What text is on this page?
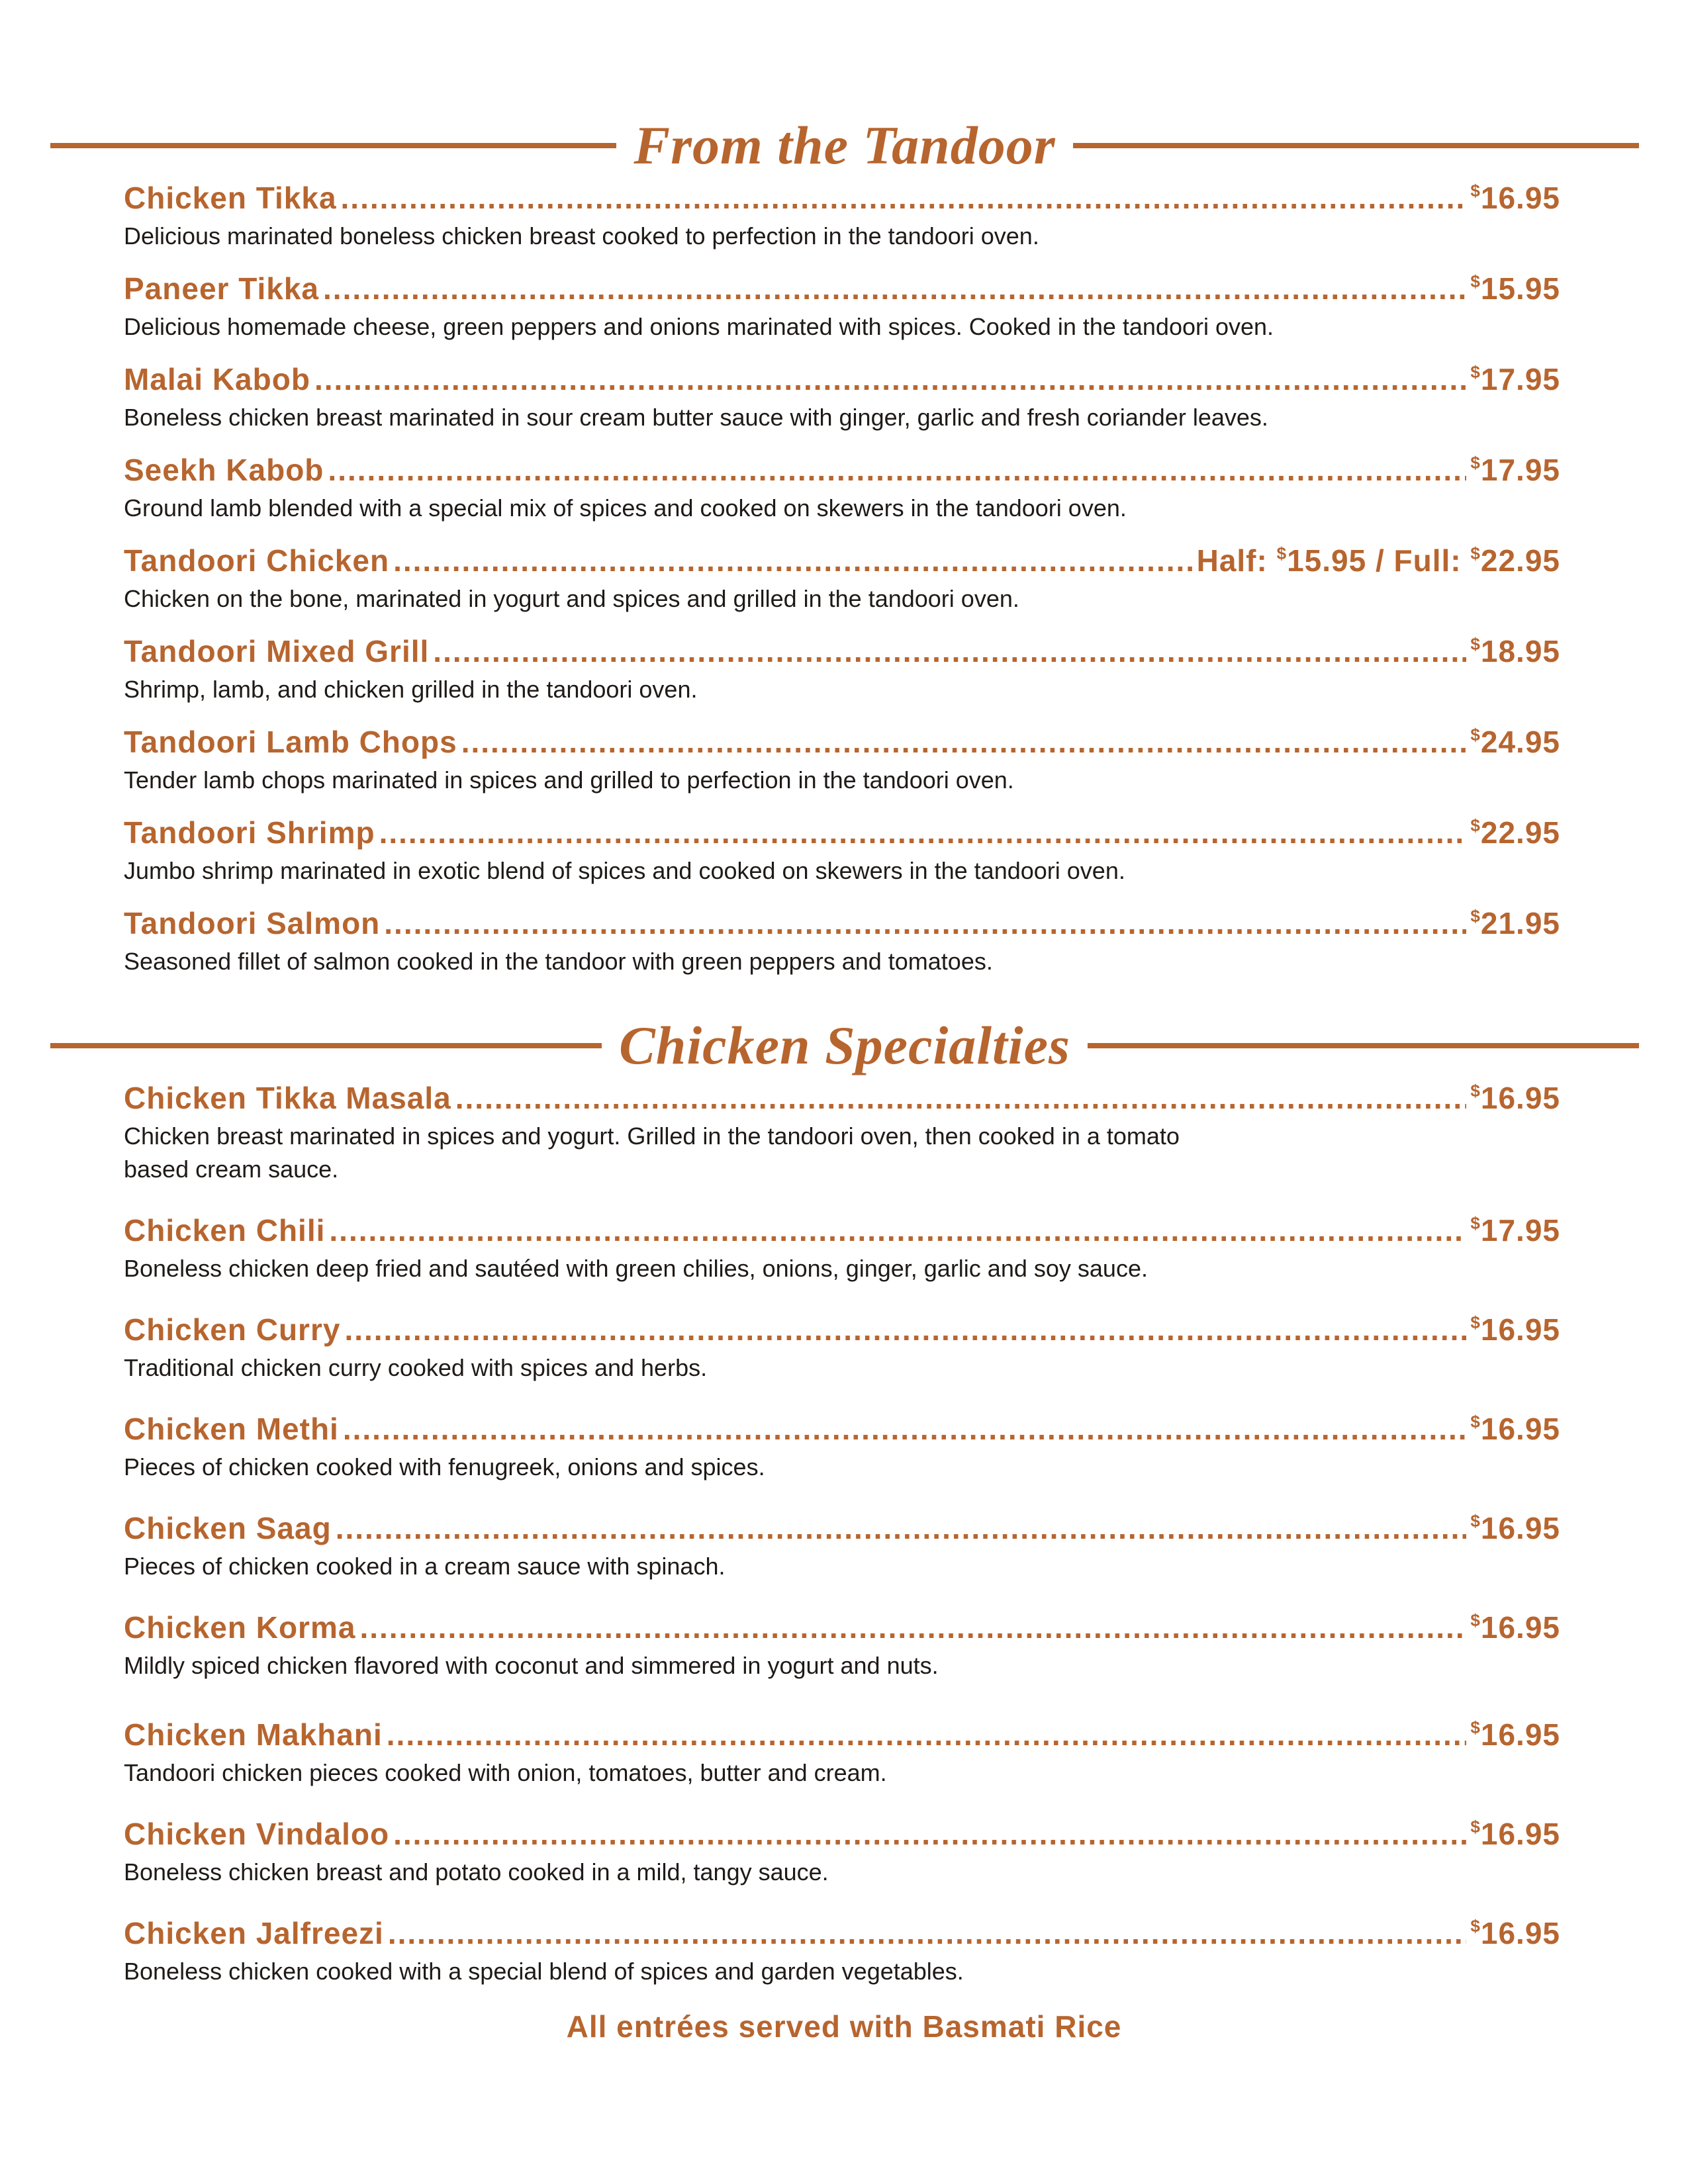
From the Tandoor
Chicken Tikka .....	$16.95
Delicious marinated boneless chicken breast cooked to perfection in the tandoori oven.
Paneer Tikka .....	$15.95
Delicious homemade cheese, green peppers and onions marinated with spices. Cooked in the tandoori oven.
Malai Kabob .....	$17.95
Boneless chicken breast marinated in sour cream butter sauce with ginger, garlic and fresh coriander leaves.
Seekh Kabob .....	$17.95
Ground lamb blended with a special mix of spices and cooked on skewers in the tandoori oven.
Tandoori Chicken .....	Half: $15.95 / Full: $22.95
Chicken on the bone, marinated in yogurt and spices and grilled in the tandoori oven.
Tandoori Mixed Grill .....	$18.95
Shrimp, lamb, and chicken grilled in the tandoori oven.
Tandoori Lamb Chops .....	$24.95
Tender lamb chops marinated in spices and grilled to perfection in the tandoori oven.
Tandoori Shrimp .....	$22.95
Jumbo shrimp marinated in exotic blend of spices and cooked on skewers in the tandoori oven.
Tandoori Salmon .....	$21.95
Seasoned fillet of salmon cooked in the tandoor with green peppers and tomatoes.
Chicken Specialties
Chicken Tikka Masala .....	$16.95
Chicken breast marinated in spices and yogurt. Grilled in the tandoori oven, then cooked in a tomato based cream sauce.
Chicken Chili .....	$17.95
Boneless chicken deep fried and sautéed with green chilies, onions, ginger, garlic and soy sauce.
Chicken Curry .....	$16.95
Traditional chicken curry cooked with spices and herbs.
Chicken Methi .....	$16.95
Pieces of chicken cooked with fenugreek, onions and spices.
Chicken Saag .....	$16.95
Pieces of chicken cooked in a cream sauce with spinach.
Chicken Korma .....	$16.95
Mildly spiced chicken flavored with coconut and simmered in yogurt and nuts.
Chicken Makhani .....	$16.95
Tandoori chicken pieces cooked with onion, tomatoes, butter and cream.
Chicken Vindaloo .....	$16.95
Boneless chicken breast and potato cooked in a mild, tangy sauce.
Chicken Jalfreezi .....	$16.95
Boneless chicken cooked with a special blend of spices and garden vegetables.
All entrées served with Basmati Rice
